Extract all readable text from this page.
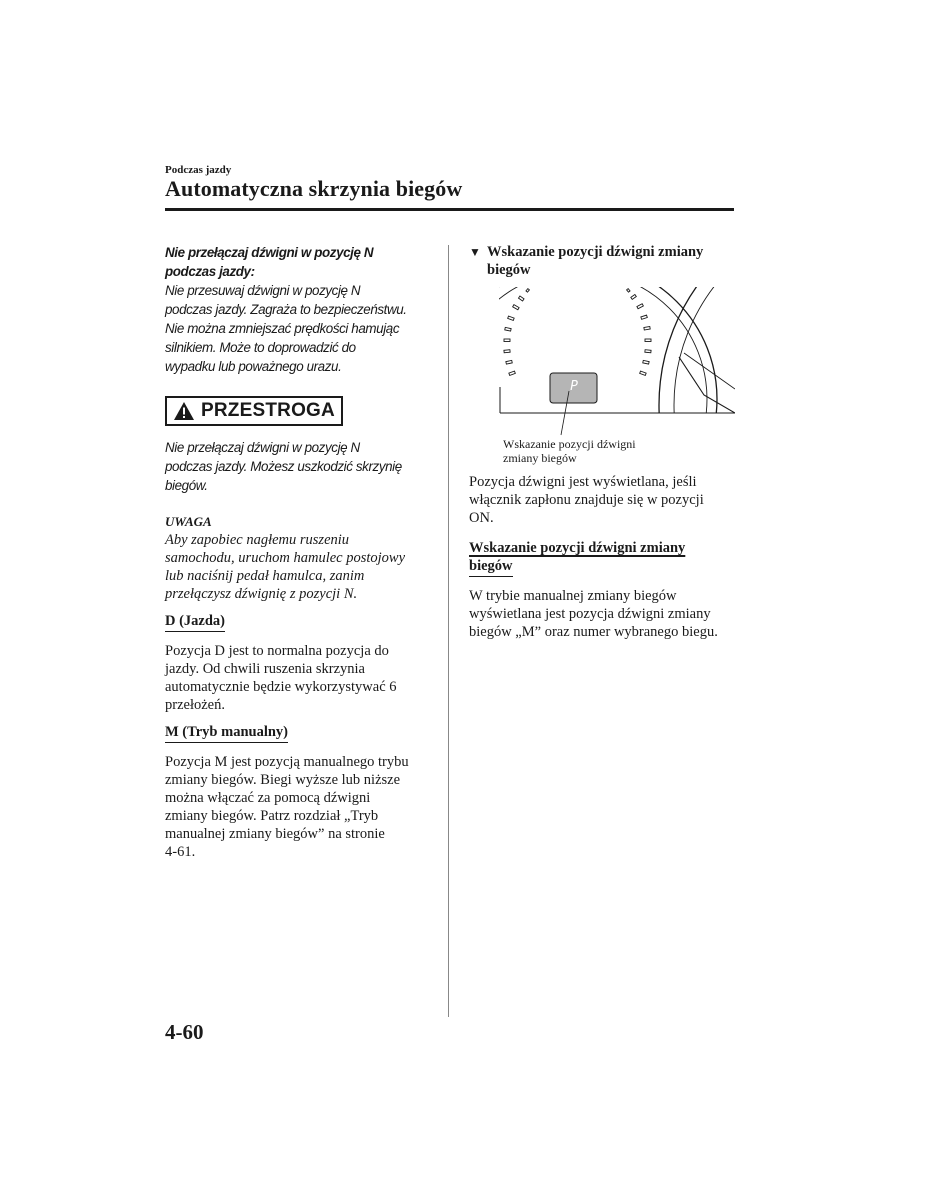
Podczas jazdy
Automatyczna skrzynia biegów

Nie przełączaj dźwigni w pozycję N

podczas jazdy:

Nie przesuwaj dźwigni w pozycję N

podczas jazdy. Zagraża to bezpieczeństwu.

Nie można zmniejszać prędkości hamując

silnikiem. Może to doprowadzić do

wypadku lub poważnego urazu.

PRZESTROGA

Nie przełączaj dźwigni w pozycję N

podczas jazdy. Możesz uszkodzić skrzynię

biegów.

UWAGA

Aby zapobiec nagłemu ruszeniu

samochodu, uruchom hamulec postojowy

lub naciśnij pedał hamulca, zanim

przełączysz dźwignię z pozycji N.

D (Jazda)

Pozycja D jest to normalna pozycja do

jazdy. Od chwili ruszenia skrzynia

automatycznie będzie wykorzystywać 6

przełożeń.

M (Tryb manualny)

Pozycja M jest pozycją manualnego trybu

zmiany biegów. Biegi wyższe lub niższe

można włączać za pomocą dźwigni

zmiany biegów. Patrz rozdział „Tryb

manualnej zmiany biegów” na stronie

4-61.

▼ Wskazanie pozycji dźwigni zmiany
biegów
P

Wskazanie pozycji dźwigni

zmiany biegów

Pozycja dźwigni jest wyświetlana, jeśli

włącznik zapłonu znajduje się w pozycji

ON.

Wskazanie pozycji dźwigni zmiany
biegów

W trybie manualnej zmiany biegów

wyświetlana jest pozycja dźwigni zmiany

biegów „M” oraz numer wybranego biegu.

4-60
